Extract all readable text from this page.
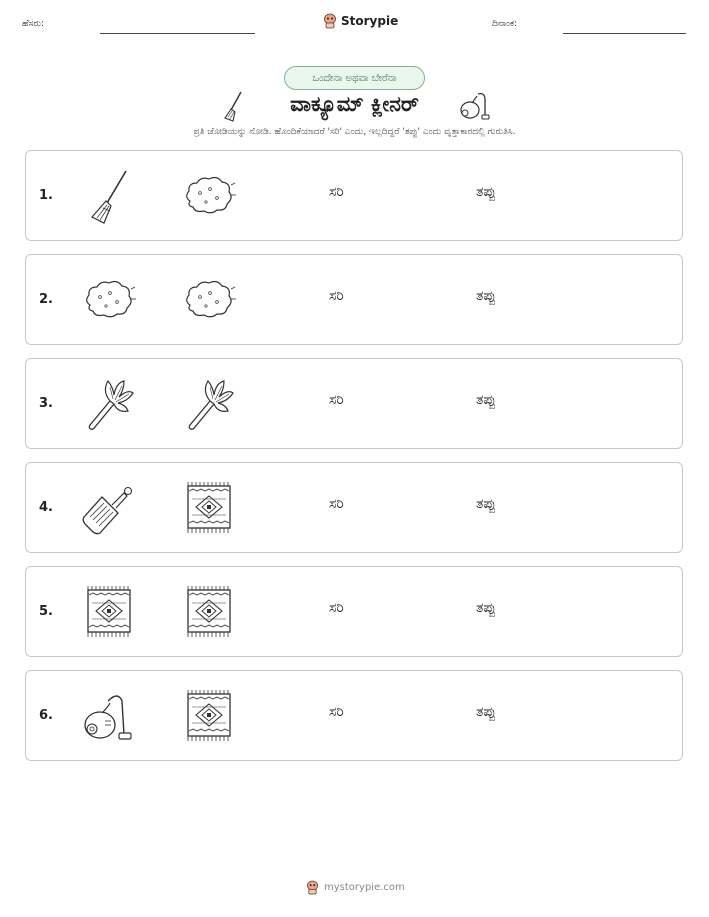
ಹೆಸರು:	Storypie	ದಿನಾಂಕ:
ಒಂದೇನಾ ಅಥವಾ ಬೇರೆನಾ
ವಾಕ್ಯೂಮ್ ಕ್ಲೀನರ್
ಪ್ರತಿ ಜೋಡಿಯನ್ನು ನೋಡಿ. ಹೊಂದಿಕೆಯಾದರೆ 'ಸರಿ' ಎಂದು, ಇಲ್ಲದಿದ್ದರೆ 'ತಪ್ಪು' ಎಂದು ವೃತ್ತಾಕಾರದಲ್ಲಿ ಗುರುತಿಸಿ.
1.	ಸರಿ	ತಪ್ಪು
2.	ಸರಿ	ತಪ್ಪು
3.	ಸರಿ	ತಪ್ಪು
4.	ಸರಿ	ತಪ್ಪು
5.	ಸರಿ	ತಪ್ಪು
6.	ಸರಿ	ತಪ್ಪು
mystorypie.com
